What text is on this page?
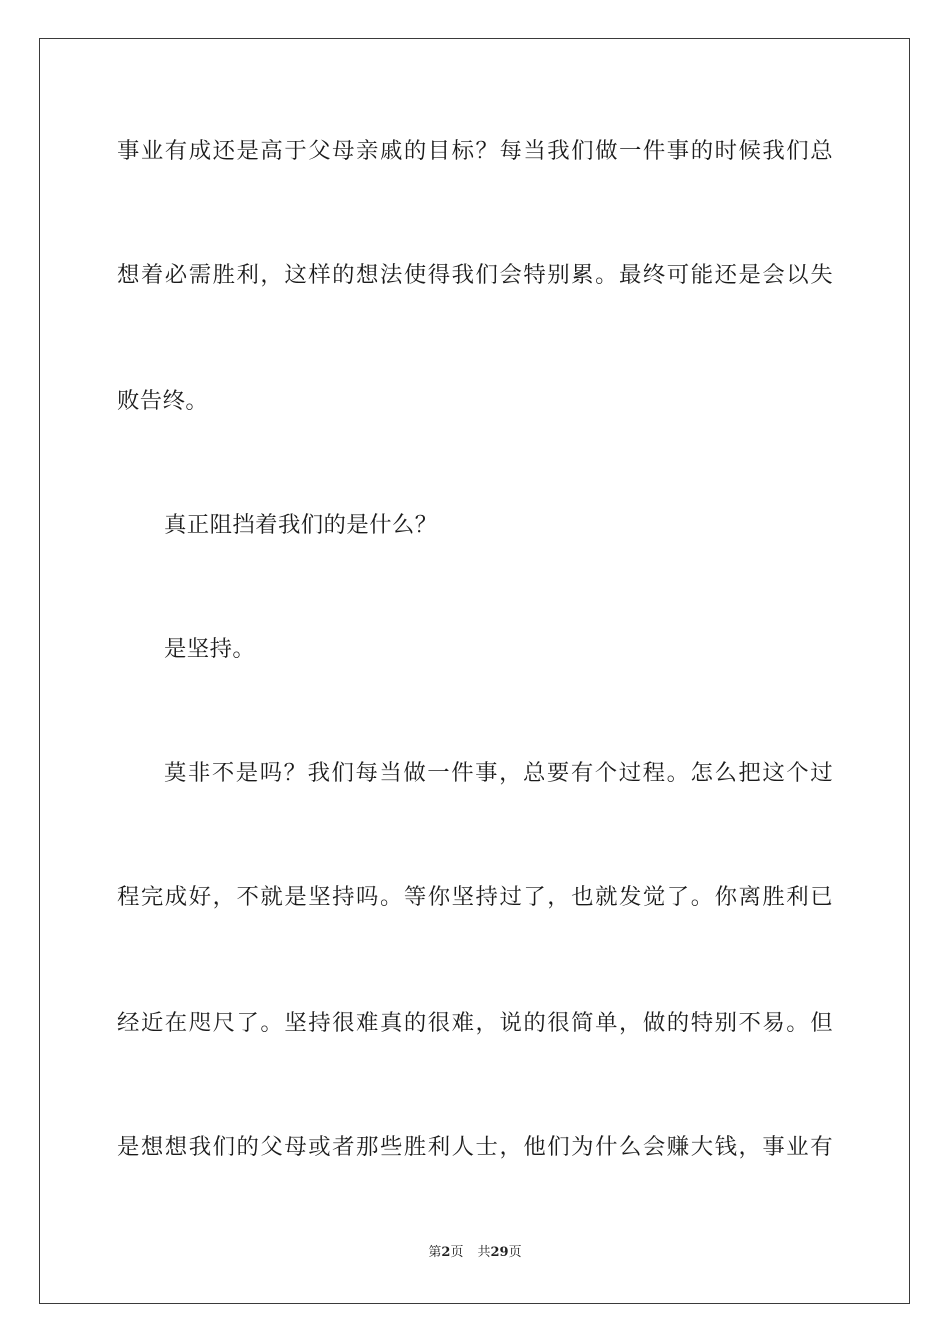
事业有成还是高于父母亲戚的目标？每当我们做一件事的时候我们总
想着必需胜利，这样的想法使得我们会特别累。最终可能还是会以失
败告终。
真正阻挡着我们的是什么？
是坚持。
莫非不是吗？我们每当做一件事，总要有个过程。怎么把这个过
程完成好，不就是坚持吗。等你坚持过了，也就发觉了。你离胜利已
经近在咫尺了。坚持很难真的很难，说的很简单，做的特别不易。但
是想想我们的父母或者那些胜利人士，他们为什么会赚大钱，事业有
第2页 共29页
